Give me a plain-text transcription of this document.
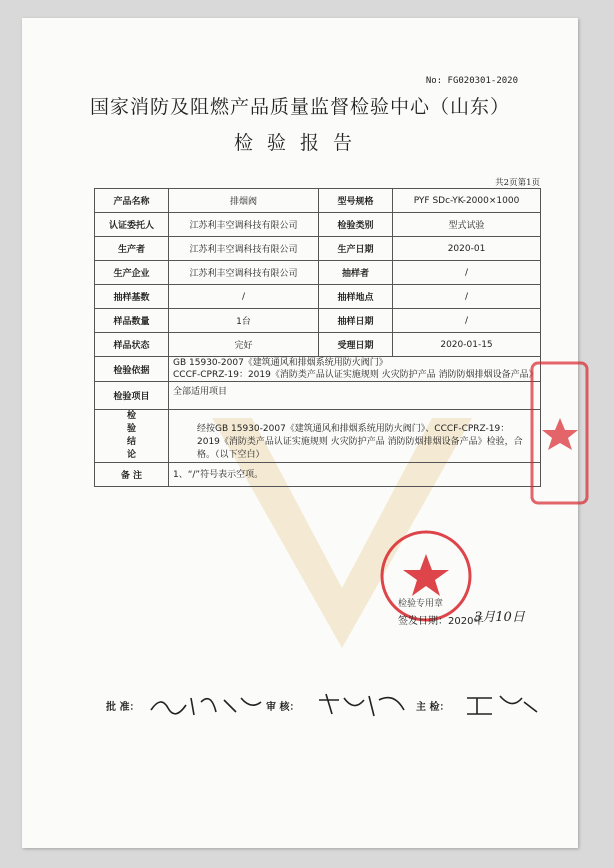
No: FG020301-2020
国家消防及阻燃产品质量监督检验中心（山东）
检验报告
共2页第1页
产品名称	排烟阀	型号规格	PYF SDc-YK-2000×1000
认证委托人	江苏利丰空调科技有限公司	检验类别	型式试验
生产者	江苏利丰空调科技有限公司	生产日期	2020-01
生产企业	江苏利丰空调科技有限公司	抽样者	/
抽样基数	/	抽样地点	/
样品数量	1台	抽样日期	/
样品状态	完好	受理日期	2020-01-15
检验依据	GB 15930-2007《建筑通风和排烟系统用防火阀门》
CCCF-CPRZ-19：2019《消防类产品认证实施规则 火灾防护产品 消防防烟排烟设备产品》		

检验项目	全部适用项目		

检验结论	经按GB 15930-2007《建筑通风和排烟系统用防火阀门》、CCCF-CPRZ-19：2019《消防类产品认证实施规则 火灾防护产品 消防防烟排烟设备产品》检验，合格。（以下空白）		

备 注	1、“/”符号表示空项。		
检验专用章
签发日期：2020年
3月10日
批 准：	审 核：	主 检：
